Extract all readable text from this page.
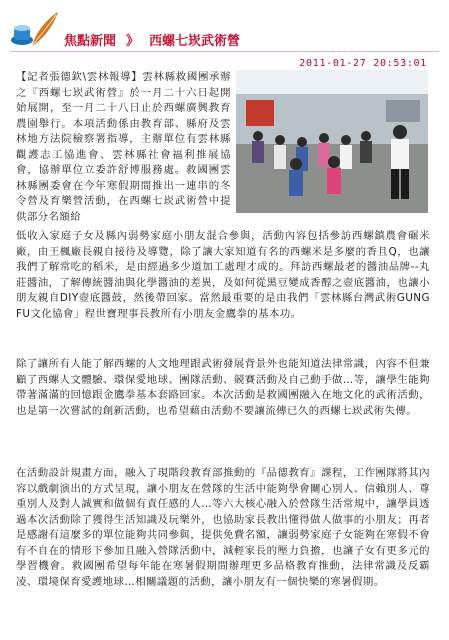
焦點新聞 》 西螺七崁武術營
2011-01-27 20:53:01
【記者張德欽\雲林報導】雲林縣救國團承辦之『西螺七崁武術營』於一月二十六日起開始展開，至一月二十八日止於西螺廣興教育農園舉行。本項活動係由教育部、縣府及雲林地方法院檢察署指導，主辦單位有雲林縣觀護志工協進會、雲林縣社會福利推展協會，協辦單位立委許舒博服務處。救國團雲林縣團委會在今年寒假期間推出一連串的冬令營及育樂營活動，在西螺七崁武術營中提供部分名額給
低收入家庭子女及縣內弱勢家庭小朋友混合參與，活動內容包括參訪西螺鎮農會碾米廠，由王楓廠長親自接待及導覽，除了讓大家知道有名的西螺米是多麼的香且Q，也讓我們了解常吃的稻米，是由經過多少道加工處理才成的。拜訪西螺最老的醬油品牌--丸莊醬油，了解傳統醬油與化學醬油的差異，及如何從黑豆變成香醇之壺底醬油，也讓小朋友親自DIY壺底醬鼓，然後帶回家。當然最重要的是由我們「雲林縣台灣武術GUNG FU文化協會」程世寶理事長教所有小朋友金鷹拳的基本功。
除了讓所有人能了解西螺的人文地理跟武術發展背景外也能知道法律常識，內容不但兼顧了西螺人文體驗、環保愛地球、團隊活動、競賽活動及自己動手做…等，讓學生能夠帶著滿滿的回憶跟金鷹拳基本套路回家。本次活動是救國團融入在地文化的武術活動，也是第一次嘗試的創新活動，也希望藉由活動不要讓流傳已久的西螺七崁武術失傳。
在活動設計規畫方面，融入了現階段教育部推動的『品德教育』課程，工作團隊將其內容以戲劇演出的方式呈現，讓小朋友在營隊的生活中能夠學會關心別人、信賴別人、尊重別人及對人誠實和做個有責任感的人…等六大核心融入於營隊生活常規中，讓學員透過本次活動除了獲得生活知識及玩樂外，也協助家長教出懂得做人做事的小朋友；再者是感謝有這麼多的單位能夠共同參與，提供免費名額，讓弱勢家庭子女能夠在寒假不會有不自在的情形下參加且融入營隊活動中，減輕家長的壓力負擔，也讓子女有更多元的學習機會。救國團希望每年能在寒暑假期間辦理更多品格教育推動，法律常識及反霸凌、環境保育愛護地球…相關議題的活動，讓小朋友有一個快樂的寒暑假期。
